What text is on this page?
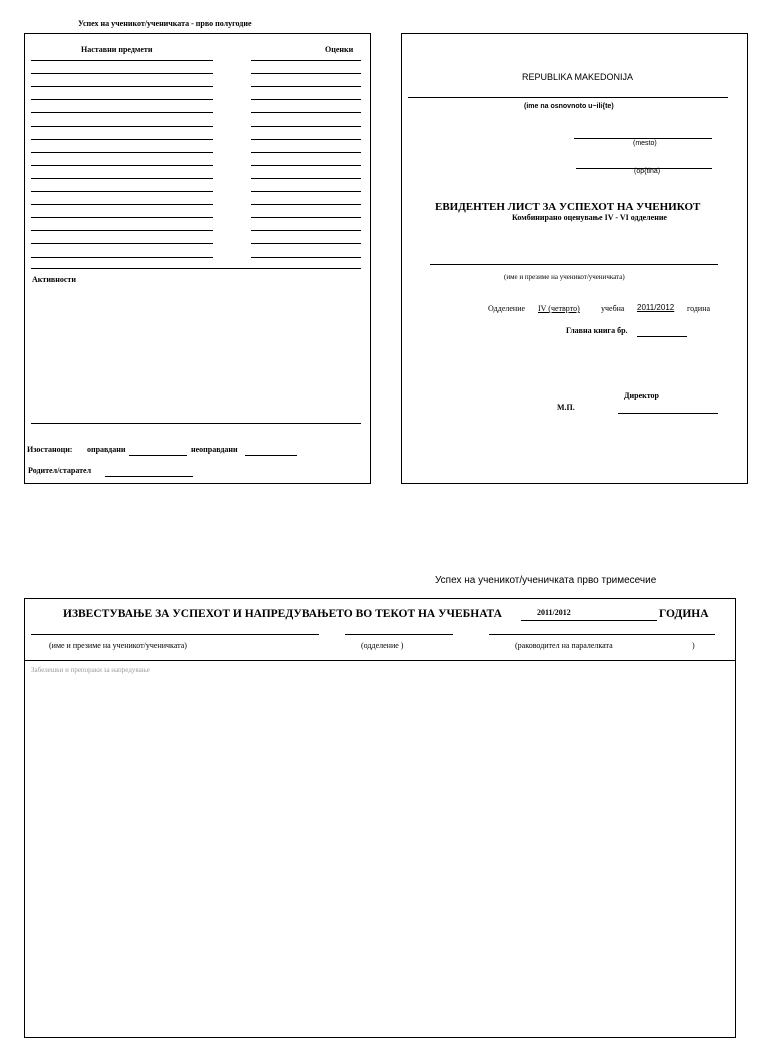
Успех на ученикот/ученичката - прво полугодие
Наставни предмети	Оценки
Активности
Изостаноци: оправдани	неоправдани
Родител/старател
REPUBLIKA MAKEDONIJA
(ime na osnovnoto u~ili{te)
(mesto)
(op{tina)
ЕВИДЕНТЕН ЛИСТ ЗА УСПЕХОТ НА УЧЕНИКОТ
Комбинирано оценување IV - VI одделение
(име и презиме на ученикот/ученичката)
Одделение IV (четврто)	учебна 2011/2012 година
Главна книга бр.
Директор
М.П.
Успех на ученикот/ученичката прво тримесечие
ИЗВЕСТУВАЊЕ ЗА УСПЕХОТ И НАПРЕДУВАЊЕТО ВО ТЕКОТ НА УЧЕБНАТА	2011/2012	ГОДИНА
(име и презиме на ученикот/ученичката)	(одделение )	(раководител на паралелката	)
Забелешки и препораки за напредување
